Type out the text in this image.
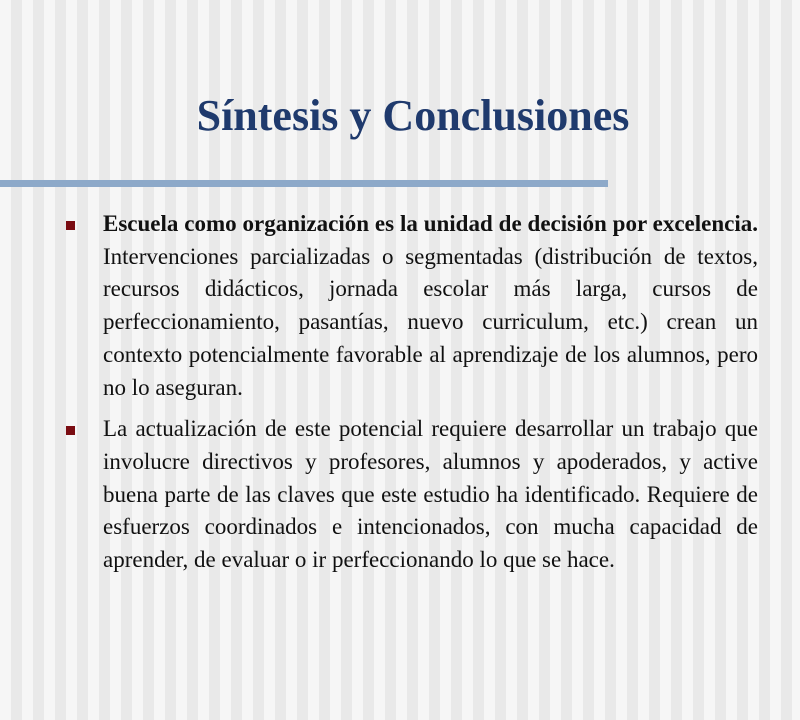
Síntesis y Conclusiones
Escuela como organización es la unidad de decisión por excelencia. Intervenciones parcializadas o segmentadas (distribución de textos, recursos didácticos, jornada escolar más larga, cursos de perfeccionamiento, pasantías, nuevo curriculum, etc.) crean un contexto potencialmente favorable al aprendizaje de los alumnos, pero no lo aseguran.
La actualización de este potencial requiere desarrollar un trabajo que involucre directivos y profesores, alumnos y apoderados, y active buena parte de las claves que este estudio ha identificado. Requiere de esfuerzos coordinados e intencionados, con mucha capacidad de aprender, de evaluar o ir perfeccionando lo que se hace.
